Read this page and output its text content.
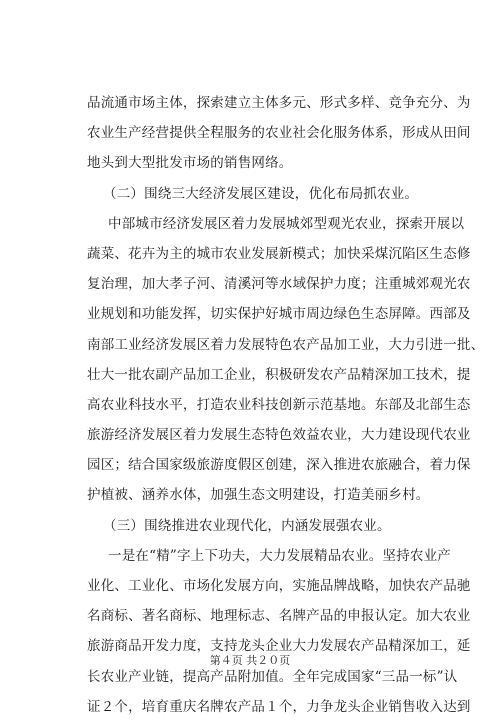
品流通市场主体，探索建立主体多元、形式多样、竞争充分、为
农业生产经营提供全程服务的农业社会化服务体系，形成从田间
地头到大型批发市场的销售网络。
（二）围绕三大经济发展区建设，优化布局抓农业。
中部城市经济发展区着力发展城郊型观光农业，探索开展以
蔬菜、花卉为主的城市农业发展新模式；加快采煤沉陷区生态修
复治理，加大孝子河、清溪河等水域保护力度；注重城郊观光农
业规划和功能发挥，切实保护好城市周边绿色生态屏障。西部及
南部工业经济发展区着力发展特色农产品加工业，大力引进一批、
壮大一批农副产品加工企业，积极研发农产品精深加工技术，提
高农业科技水平，打造农业科技创新示范基地。东部及北部生态
旅游经济发展区着力发展生态特色效益农业，大力建设现代农业
园区；结合国家级旅游度假区创建，深入推进农旅融合，着力保
护植被、涵养水体，加强生态文明建设，打造美丽乡村。
（三）围绕推进农业现代化，内涵发展强农业。
一是在“精”字上下功夫，大力发展精品农业。坚持农业产
业化、工业化、市场化发展方向，实施品牌战略，加快农产品驰
名商标、著名商标、地理标志、名牌产品的申报认定。加大农业
旅游商品开发力度，支持龙头企业大力发展农产品精深加工，延
长农业产业链，提高产品附加值。全年完成国家“三品一标”认
证２个，培育重庆名牌农产品１个，力争龙头企业销售收入达到
第４页 共２０页
